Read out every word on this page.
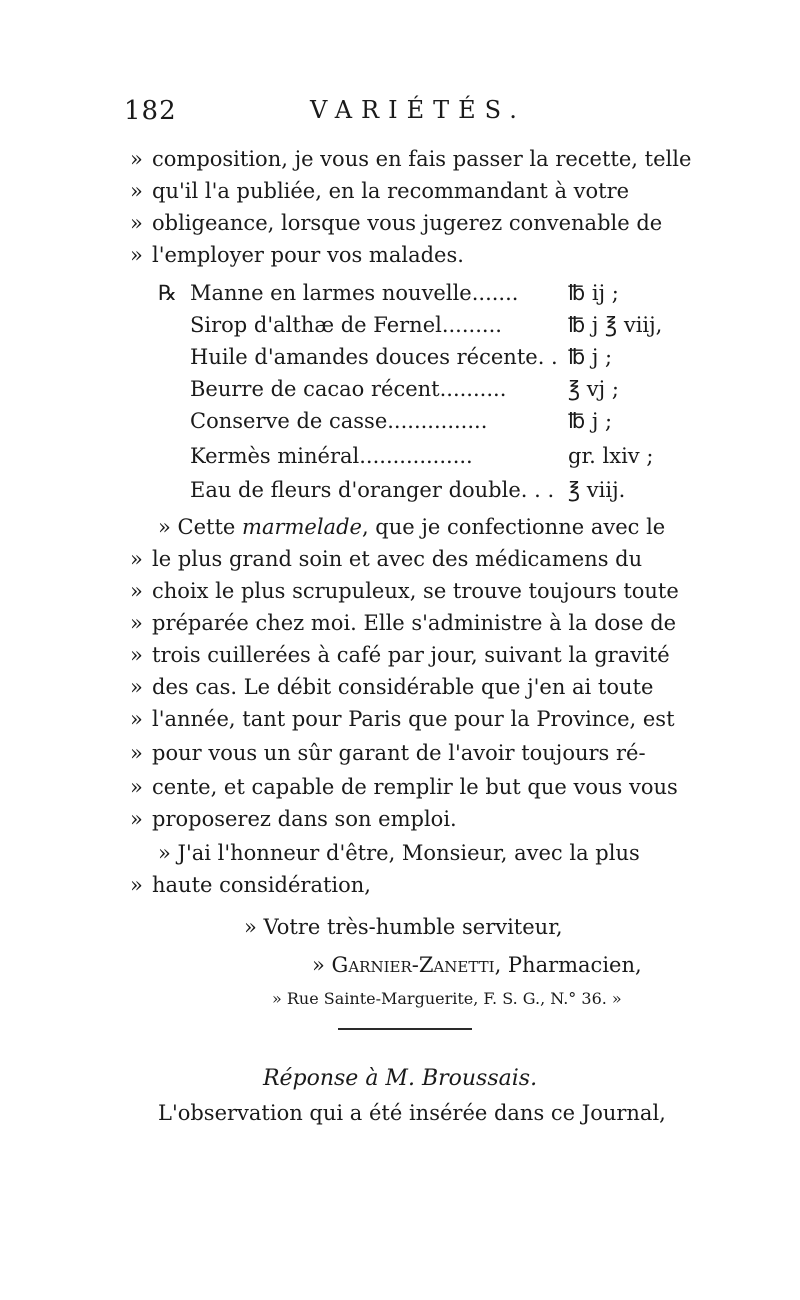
182	VARIÉTÉS.
» composition, je vous en fais passer la recette, telle
» qu'il l'a publiée, en la recommandant à votre
» obligeance, lorsque vous jugerez convenable de
» l'employer pour vos malades.
℞ Manne en larmes nouvelle....... ℔ ij ;
Sirop d'althæ de Fernel.........	℔ j ℥ viij,
Huile d'amandes douces récente. . ℔ j ;
Beurre de cacao récent..........	℥ vj ;
Conserve de casse...............	℔ j ;
Kermès minéral.................	gr. lxiv ;
Eau de fleurs d'oranger double. . . ℥ viij.
» Cette marmelade, que je confectionne avec le
» le plus grand soin et avec des médicamens du
» choix le plus scrupuleux, se trouve toujours toute
» préparée chez moi. Elle s'administre à la dose de
» trois cuillerées à café par jour, suivant la gravité
» des cas. Le débit considérable que j'en ai toute
» l'année, tant pour Paris que pour la Province, est
» pour vous un sûr garant de l'avoir toujours ré-
» cente, et capable de remplir le but que vous vous
» proposerez dans son emploi.
» J'ai l'honneur d'être, Monsieur, avec la plus
» haute considération,
» Votre très-humble serviteur,
» Garnier-Zanetti, Pharmacien,
» Rue Sainte-Marguerite, F. S. G., N.° 36. »
Réponse à M. Broussais.
L'observation qui a été insérée dans ce Journal,
